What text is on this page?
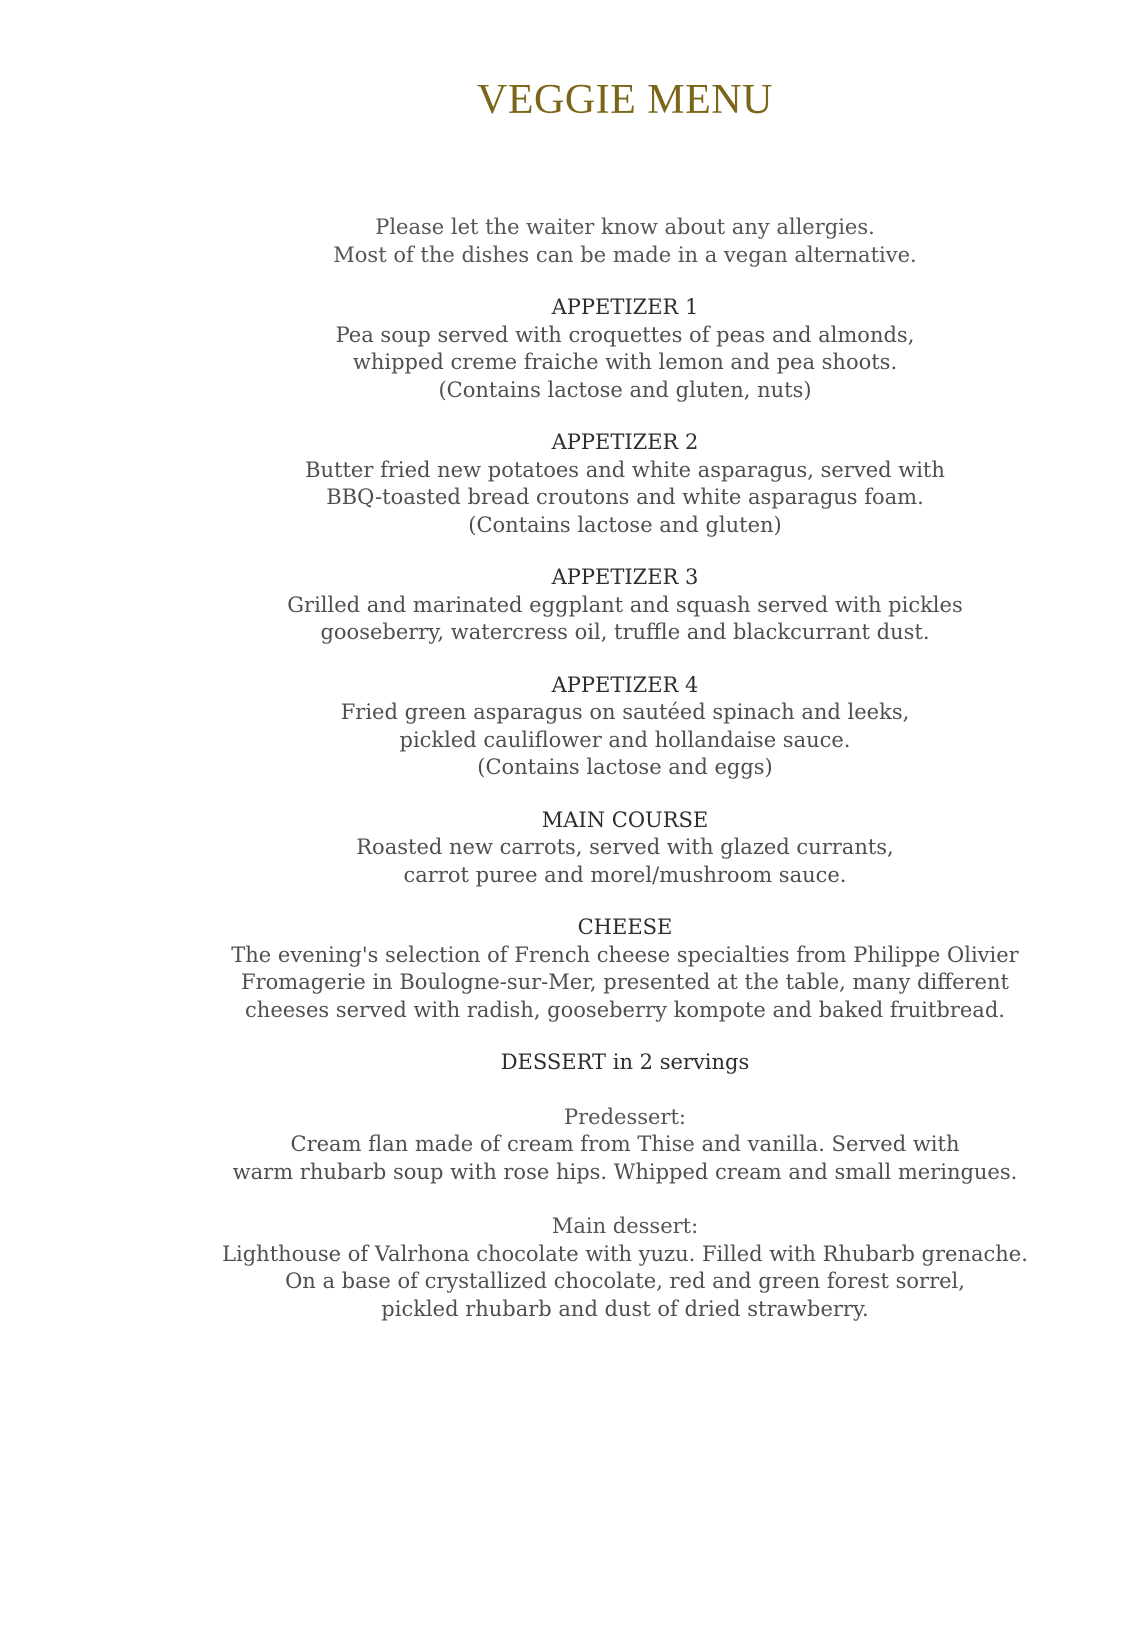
VEGGIE MENU
Please let the waiter know about any allergies.
Most of the dishes can be made in a vegan alternative.
APPETIZER 1
Pea soup served with croquettes of peas and almonds,
whipped creme fraiche with lemon and pea shoots.
(Contains lactose and gluten, nuts)
APPETIZER 2
Butter fried new potatoes and white asparagus, served with
BBQ-toasted bread croutons and white asparagus foam.
(Contains lactose and gluten)
APPETIZER 3
Grilled and marinated eggplant and squash served with pickles
gooseberry, watercress oil, truffle and blackcurrant dust.
APPETIZER 4
Fried green asparagus on sautéed spinach and leeks,
pickled cauliflower and hollandaise sauce.
(Contains lactose and eggs)
MAIN COURSE
Roasted new carrots, served with glazed currants,
carrot puree and morel/mushroom sauce.
CHEESE
The evening's selection of French cheese specialties from Philippe Olivier
Fromagerie in Boulogne-sur-Mer, presented at the table, many different
cheeses served with radish, gooseberry kompote and baked fruitbread.
DESSERT in 2 servings
Predessert:
Cream flan made of cream from Thise and vanilla. Served with
warm rhubarb soup with rose hips. Whipped cream and small meringues.
Main dessert:
Lighthouse of Valrhona chocolate with yuzu. Filled with Rhubarb grenache.
On a base of crystallized chocolate, red and green forest sorrel,
pickled rhubarb and dust of dried strawberry.
